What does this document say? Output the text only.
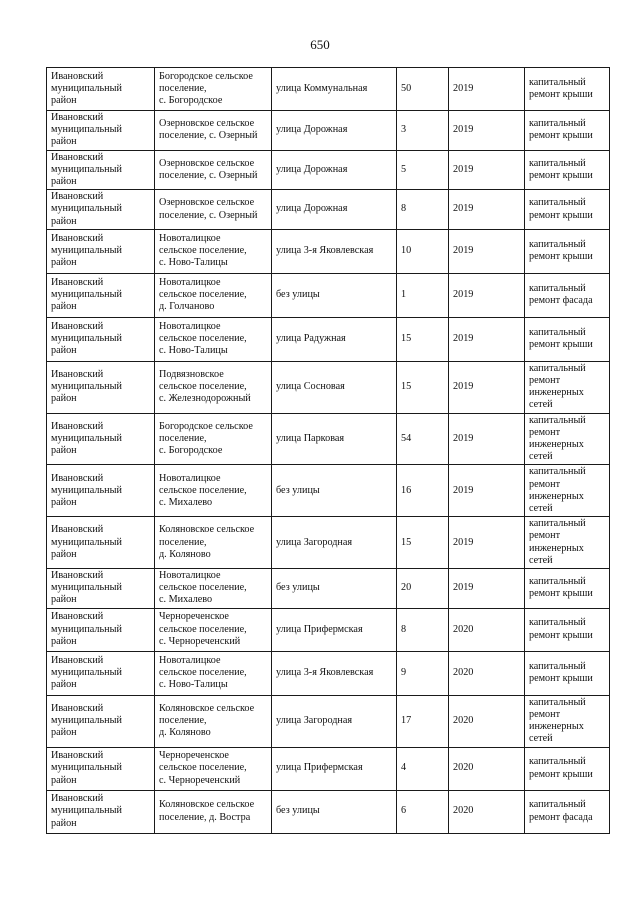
650
Ивановский
муниципальный
район	Богородское сельское
поселение,
с. Богородское	улица Коммунальная	50	2019	капитальный
ремонт крыши

Ивановский
муниципальный
район	Озерновское сельское
поселение, с. Озерный	улица Дорожная	3	2019	капитальный
ремонт крыши

Ивановский
муниципальный
район	Озерновское сельское
поселение, с. Озерный	улица Дорожная	5	2019	капитальный
ремонт крыши

Ивановский
муниципальный
район	Озерновское сельское
поселение, с. Озерный	улица Дорожная	8	2019	капитальный
ремонт крыши

Ивановский
муниципальный
район	Новоталицкое
сельское поселение,
с. Ново-Талицы	улица 3-я Яковлевская	10	2019	капитальный
ремонт крыши

Ивановский
муниципальный
район	Новоталицкое
сельское поселение,
д. Голчаново	без улицы	1	2019	капитальный
ремонт фасада

Ивановский
муниципальный
район	Новоталицкое
сельское поселение,
с. Ново-Талицы	улица Радужная	15	2019	капитальный
ремонт крыши

Ивановский
муниципальный
район	Подвязновское
сельское поселение,
с. Железнодорожный	улица Сосновая	15	2019	капитальный
ремонт
инженерных
сетей

Ивановский
муниципальный
район	Богородское сельское
поселение,
с. Богородское	улица Парковая	54	2019	капитальный
ремонт
инженерных
сетей

Ивановский
муниципальный
район	Новоталицкое
сельское поселение,
с. Михалево	без улицы	16	2019	капитальный
ремонт
инженерных
сетей

Ивановский
муниципальный
район	Коляновское сельское
поселение,
д. Коляново	улица Загородная	15	2019	капитальный
ремонт
инженерных
сетей

Ивановский
муниципальный
район	Новоталицкое
сельское поселение,
с. Михалево	без улицы	20	2019	капитальный
ремонт крыши

Ивановский
муниципальный
район	Чернореченское
сельское поселение,
с. Чернореченский	улица Прифермская	8	2020	капитальный
ремонт крыши

Ивановский
муниципальный
район	Новоталицкое
сельское поселение,
с. Ново-Талицы	улица 3-я Яковлевская	9	2020	капитальный
ремонт крыши

Ивановский
муниципальный
район	Коляновское сельское
поселение,
д. Коляново	улица Загородная	17	2020	капитальный
ремонт
инженерных
сетей

Ивановский
муниципальный
район	Чернореченское
сельское поселение,
с. Чернореченский	улица Прифермская	4	2020	капитальный
ремонт крыши

Ивановский
муниципальный
район	Коляновское сельское
поселение, д. Востра	без улицы	6	2020	капитальный
ремонт фасада
